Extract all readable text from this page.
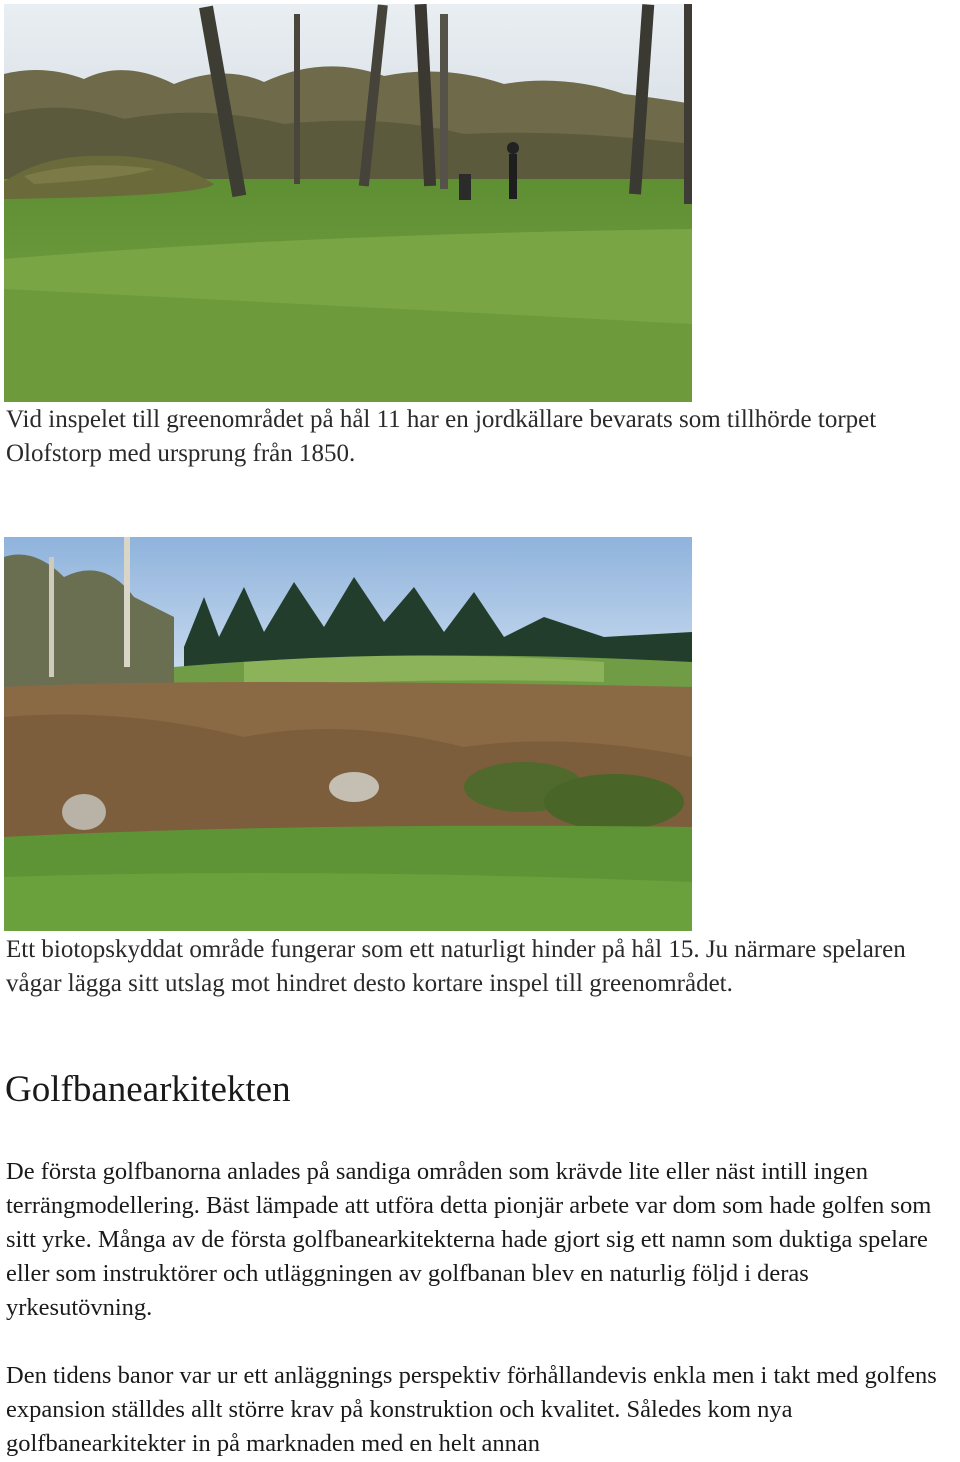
Vid inspelet till greenområdet på hål 11 har en jordkällare bevarats som tillhörde torpet Olofstorp med ursprung från 1850.

Ett biotopskyddat område fungerar som ett naturligt hinder på hål 15. Ju närmare spelaren vågar lägga sitt utslag mot hindret desto kortare inspel till greenområdet.

Golfbanearkitekten

De första golfbanorna anlades på sandiga områden som krävde lite eller näst intill ingen terrängmodellering. Bäst lämpade att utföra detta pionjär arbete var dom som hade golfen som sitt yrke. Många av de första golfbanearkitekterna hade gjort sig ett namn som duktiga spelare eller som instruktörer och utläggningen av golfbanan blev en naturlig följd i deras yrkesutövning.

Den tidens banor var ur ett anläggnings perspektiv förhållandevis enkla men i takt med golfens expansion ställdes allt större krav på konstruktion och kvalitet. Således kom nya golfbanearkitekter in på marknaden med en helt annan
